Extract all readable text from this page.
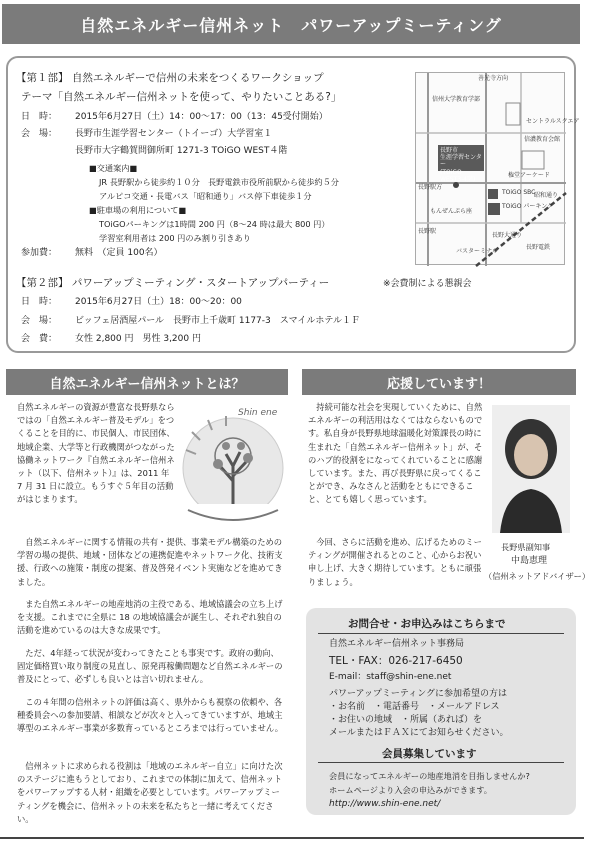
自然エネルギー信州ネット　パワーアップミーティング
【第１部】 自然エネルギーで信州の未来をつくるワークショップ
テーマ「自然エネルギー信州ネットを使って、やりたいことある?」
日　時： 2015年6月27日（土）14：00〜17：00（13：45受付開始）
会　場： 長野市生涯学習センター（トイーゴ）大学習室１
長野市大字鶴賀問御所町 1271-3 TOiGO WEST４階
■交通案内■
JR 長野駅から徒歩約１０分　長野電鉄市役所前駅から徒歩約５分
アルピコ交通・長電バス「昭和通り」バス停下車徒歩１分
■駐車場の利用について■
TOiGOパーキングは1時間 200 円（8〜24 時は最大 800 円）
学習室利用者は 200 円のみ割り引きあり
参加費： 無料　（定員 100名）
長野市
生涯学習センター
(TOiGO WEST3-4階)
善光寺方向
信州大学教育学部
信濃教育会館
権堂アーケード
長野駅方
TOiGO SBC
TOiGO パーキング
もんぜんぷら座
長野駅
長野電鉄
セントラルスクエア
昭和通り
長野大通り
バスターミナル
【第２部】 パワーアップミーティング・スタートアップパーティー	※会費制による懇親会
日　時： 2015年6月27日（土）18：00〜20：00
会　場： ビッフェ居酒屋パール　長野市上千歳町 1177-3　スマイルホテル１Ｆ
会　費： 女性 2,800 円　男性 3,200 円
自然エネルギー信州ネットとは？
自然エネルギーの資源が豊富な長野県ならではの「自然エネルギー普及モデル」をつくることを目的に、市民個人、市民団体、地域企業、大学等と行政機関がつながった協働ネットワーク『自然エネルギー信州ネット（以下、信州ネット）』は、2011 年 7 月 31 日に設立。もうすぐ５年目の活動がはじまります。
Shin ene
自然エネルギーに関する情報の共有・提供、事業モデル構築のための学習の場の提供、地域・団体などの連携促進やネットワーク化、技術支援、行政への施策・制度の提案、普及啓発イベント実施などを進めてきました。
また自然エネルギーの地産地消の主役である、地域協議会の立ち上げを支援。これまでに全県に 18 の地域協議会が誕生し、それぞれ独自の活動を進めているのは大きな成果です。
ただ、4年経って状況が変わってきたことも事実です。政府の動向、固定価格買い取り制度の見直し、原発再稼働問題など自然エネルギーの普及にとって、必ずしも良いとは言い切れません。
この４年間の信州ネットの評価は高く、県外からも視察の依頼や、各種委員会への参加要請、相談などが次々と入ってきていますが、地域主導型のエネルギー事業が多数育っているところまでは行っていません。
信州ネットに求められる役割は「地域のエネルギー自立」に向けた次のステージに進もうとしており、これまでの体制に加えて、信州ネットをパワーアップする人材・組織を必要としています。パワーアップミーティングを機会に、信州ネットの未来を私たちと一緒に考えてください。
応援しています！
持続可能な社会を実現していくために、自然エネルギーの利活用はなくてはならないものです。私自身が長野県地球温暖化対策課長の時に生まれた「自然エネルギー信州ネット」が、そのハブ的役割をになってくれていることに感謝しています。また、再び長野県に戻ってくることができ、みなさんと活動をともにできること、とても嬉しく思っています。
今回、さらに活動を進め、広げるためのミーティングが開催されるとのこと、心からお祝い申し上げ、大きく期待しています。ともに頑張りましょう。
長野県副知事
中島恵理
（信州ネットアドバイザー）
お問合せ・お申込みはこちらまで
自然エネルギー信州ネット事務局
TEL・FAX：026-217-6450
E-mail：staff@shin-ene.net
パワーアップミーティングに参加希望の方は
・お名前　・電話番号　・メールアドレス
・お住いの地域　・所属（あれば）を
メールまたはＦＡＸにてお知らせください。
会員募集しています
会員になってエネルギーの地産地消を目指しませんか?
ホームページより入会の申込みができます。
http://www.shin-ene.net/
